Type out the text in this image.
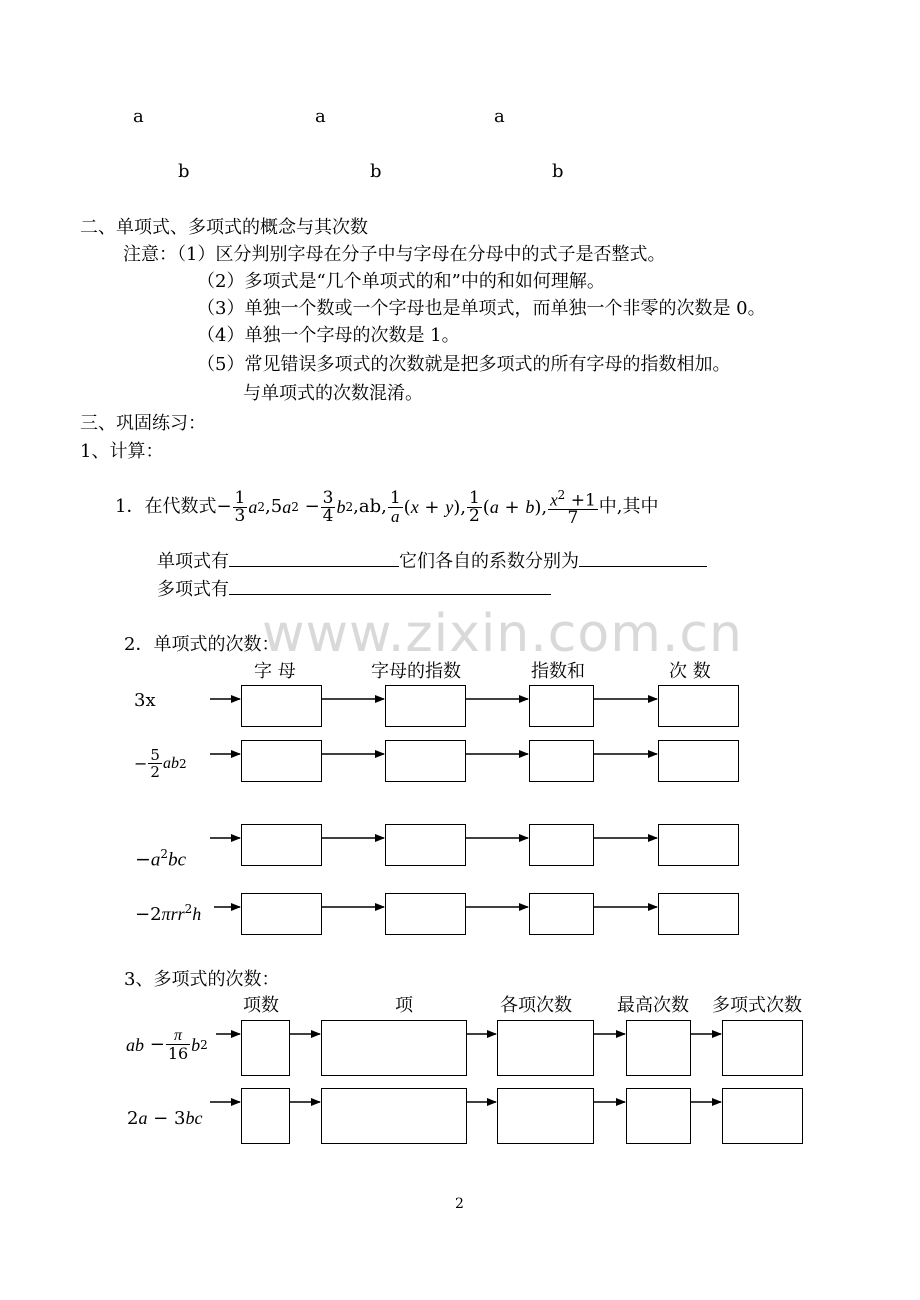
a	a	a
b	b	b
二、单项式、多项式的概念与其次数
注意：（1）区分判别字母在分子中与字母在分母中的式子是否整式。
（2）多项式是“几个单项式的和”中的和如何理解。
（3）单独一个数或一个字母也是单项式，而单独一个非零的次数是 0。
（4）单独一个字母的次数是 1。
（5）常见错误多项式的次数就是把多项式的所有字母的指数相加。
与单项式的次数混淆。
三、巩固练习：
1、计算：
1．在代数式 − $\frac{1}{3}$ a 2 ,5 a $2 - \frac{3}{4}$ b 2 ,ab, $\frac{1}{a} (x + y)$, $\frac{1}{2} (a + b)$, $\frac{x^2 +1}{7}$ 中,其中
单项式有	它们各自的系数分别为
多项式有
www.zixin.com.cn
2．单项式的次数：
字 母	字母的指数	指数和	次 数
3x
− $\frac{5}{2}$ ab 2
$-a^2bc$
−2πrr$^2$h
3、多项式的次数：
项数	项	各项次数	最高次数 多项式次数
ab − $\frac{\pi}{16}$ b 2
2a − 3bc
2
